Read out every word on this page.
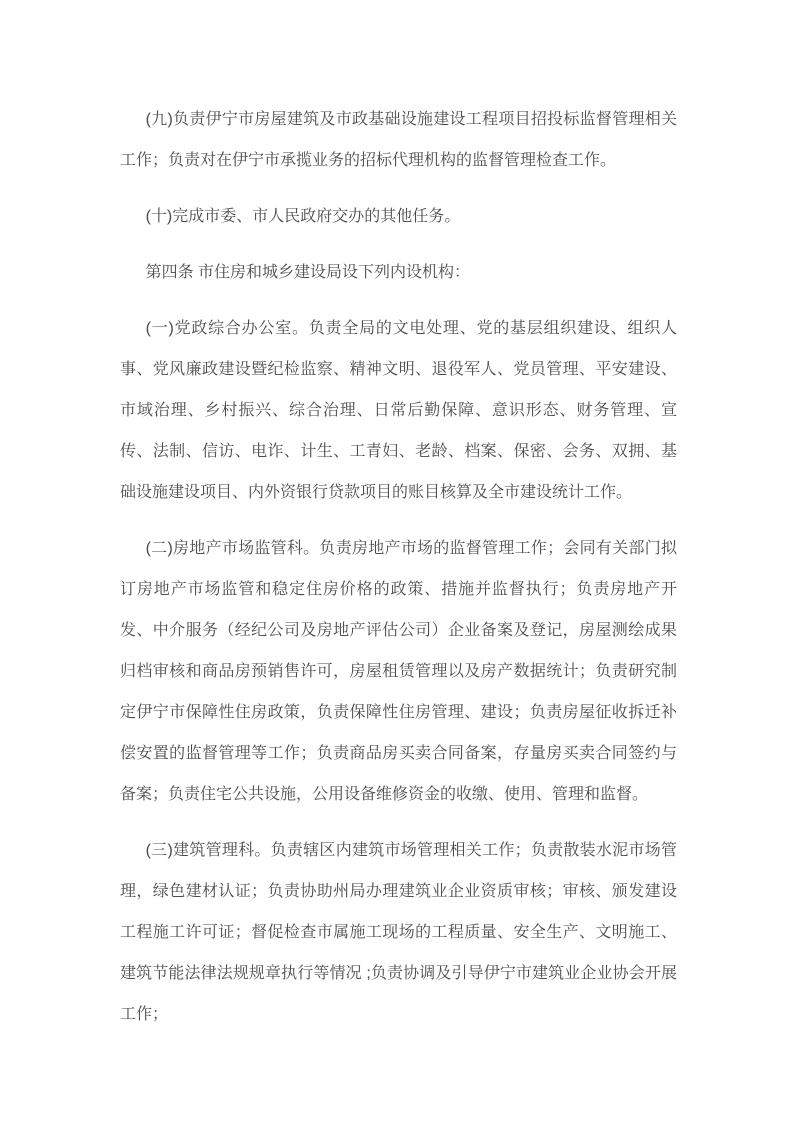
(九)负责伊宁市房屋建筑及市政基础设施建设工程项目招投标监督管理相关工作；负责对在伊宁市承揽业务的招标代理机构的监督管理检查工作。

(十)完成市委、市人民政府交办的其他任务。

第四条 市住房和城乡建设局设下列内设机构：

(一)党政综合办公室。负责全局的文电处理、党的基层组织建设、组织人事、党风廉政建设暨纪检监察、精神文明、退役军人、党员管理、平安建设、市域治理、乡村振兴、综合治理、日常后勤保障、意识形态、财务管理、宣传、法制、信访、电诈、计生、工青妇、老龄、档案、保密、会务、双拥、基础设施建设项目、内外资银行贷款项目的账目核算及全市建设统计工作。

(二)房地产市场监管科。负责房地产市场的监督管理工作；会同有关部门拟订房地产市场监管和稳定住房价格的政策、措施并监督执行；负责房地产开发、中介服务（经纪公司及房地产评估公司）企业备案及登记，房屋测绘成果归档审核和商品房预销售许可，房屋租赁管理以及房产数据统计；负责研究制定伊宁市保障性住房政策，负责保障性住房管理、建设；负责房屋征收拆迁补偿安置的监督管理等工作；负责商品房买卖合同备案，存量房买卖合同签约与备案；负责住宅公共设施，公用设备维修资金的收缴、使用、管理和监督。

(三)建筑管理科。负责辖区内建筑市场管理相关工作；负责散装水泥市场管理，绿色建材认证；负责协助州局办理建筑业企业资质审核；审核、颁发建设工程施工许可证；督促检查市属施工现场的工程质量、安全生产、文明施工、建筑节能法律法规规章执行等情况 ;负责协调及引导伊宁市建筑业企业协会开展工作；
